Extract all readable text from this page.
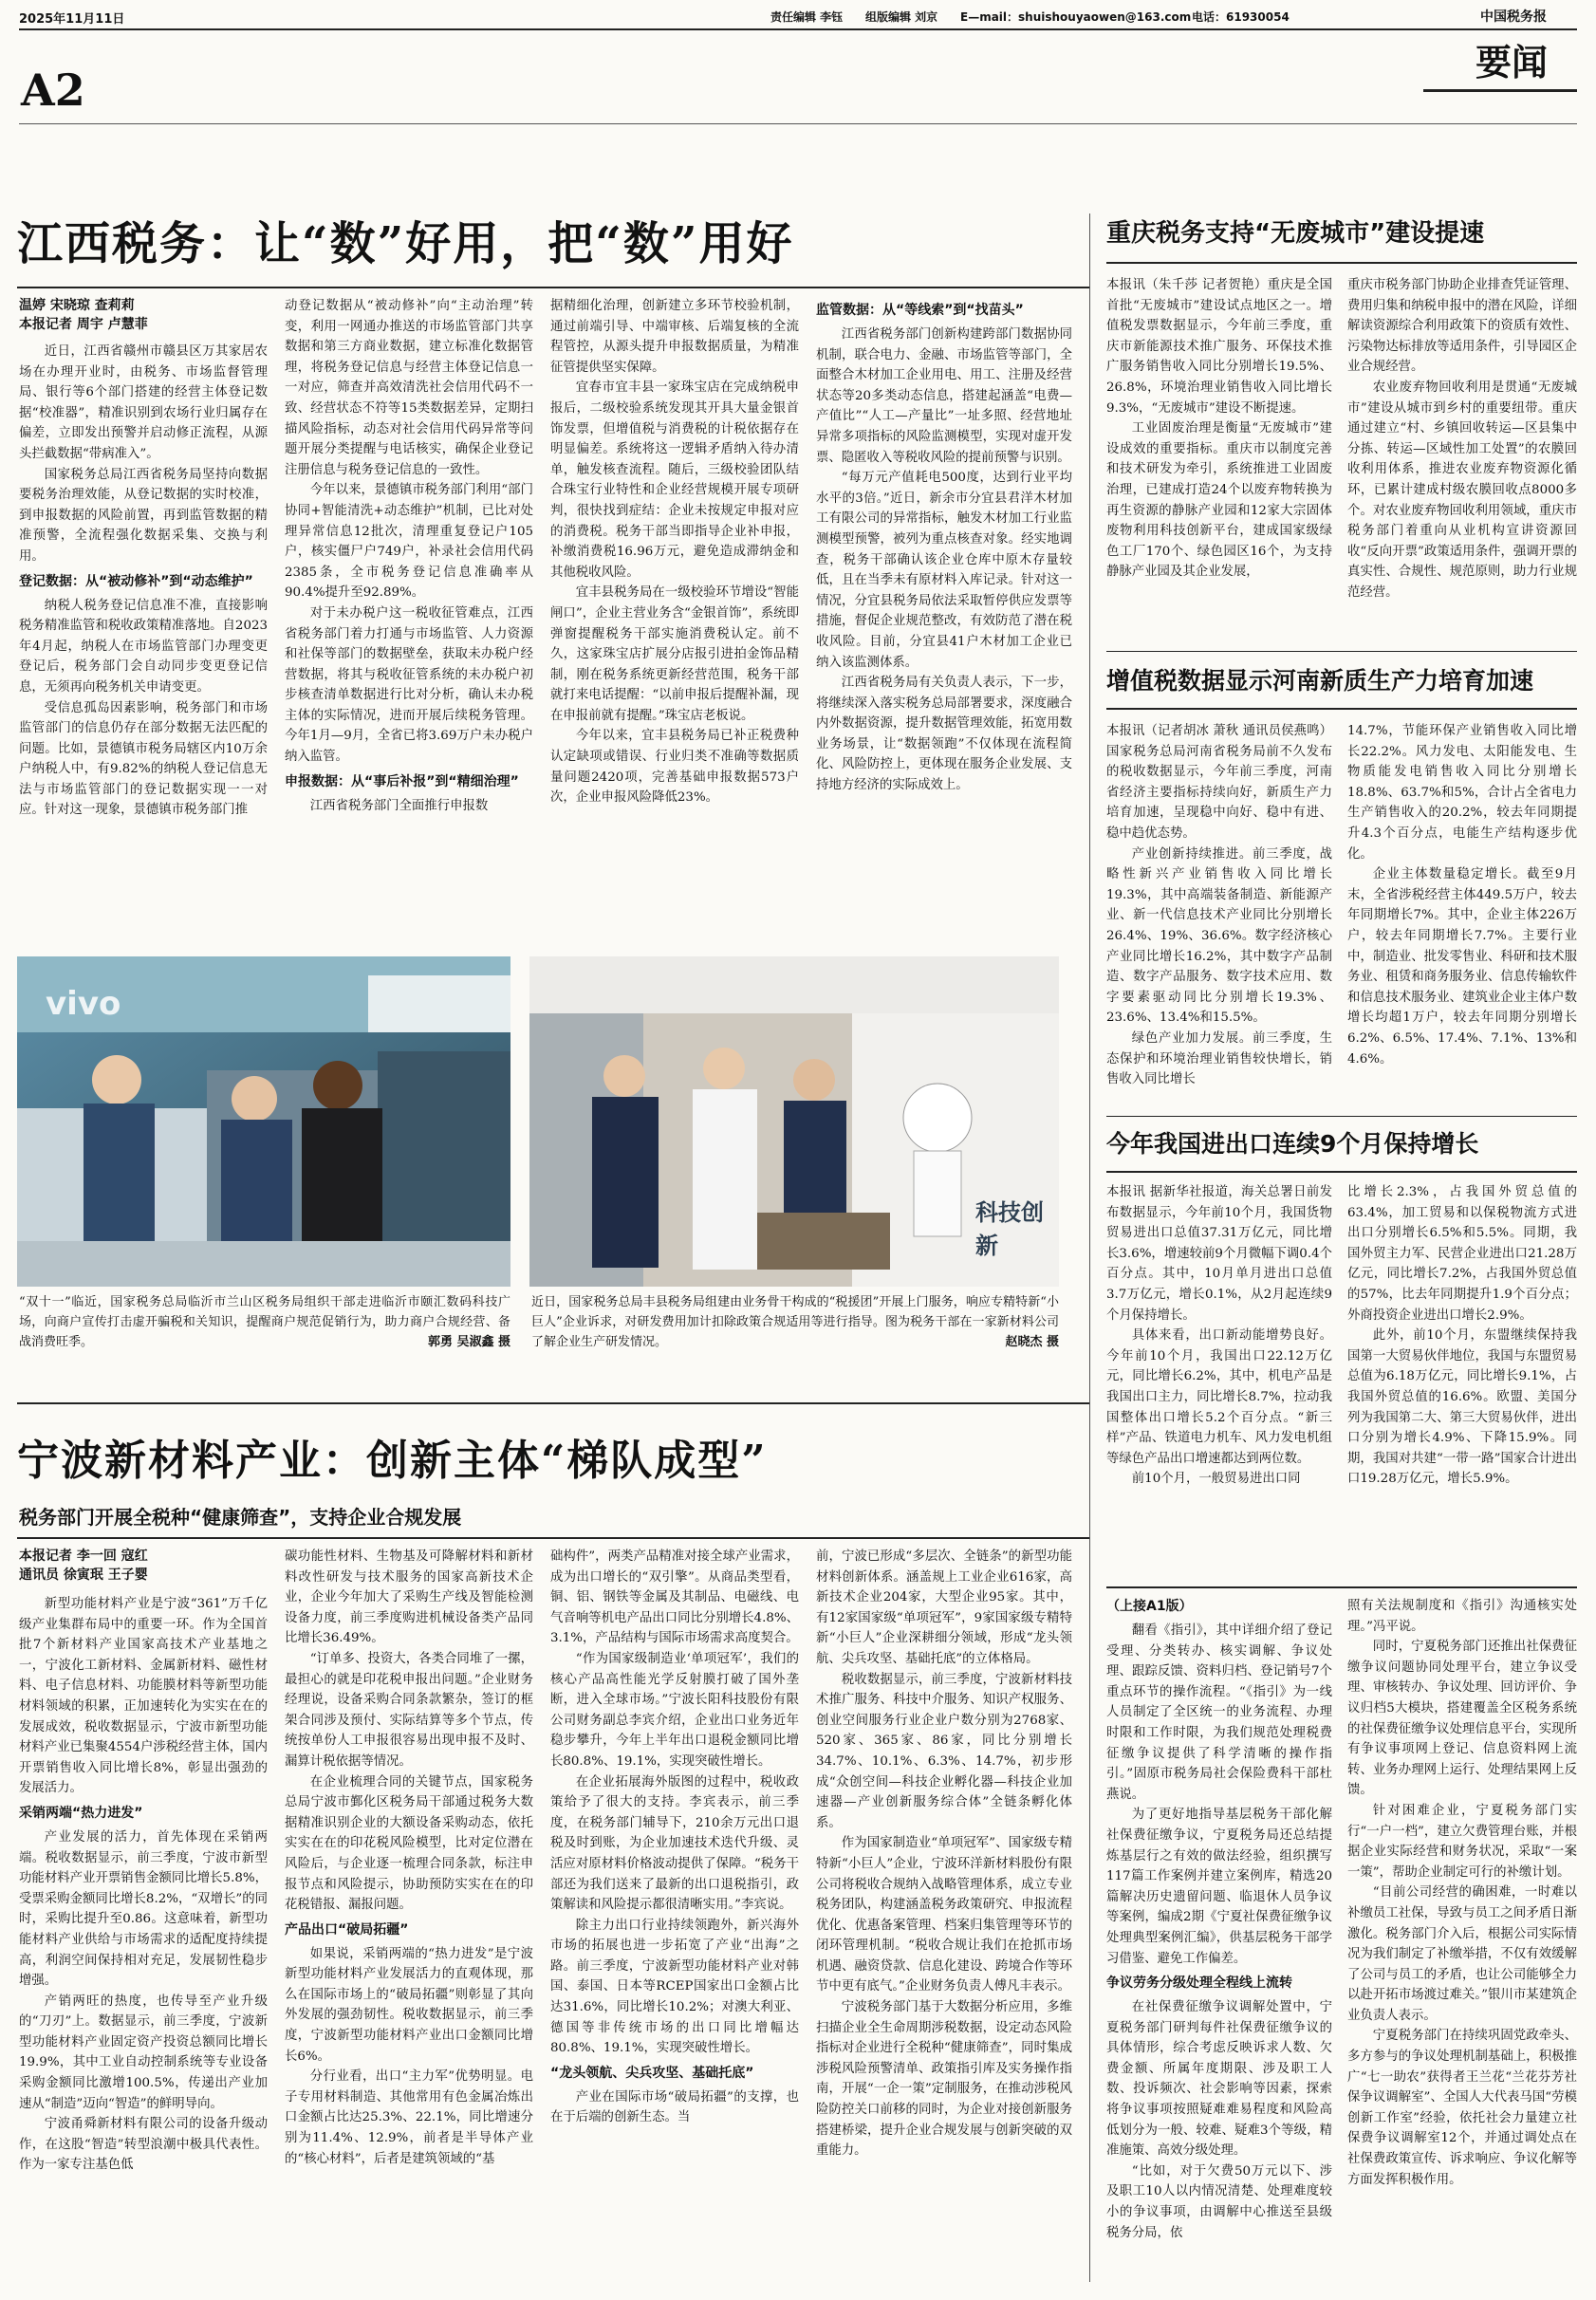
2025年11月11日	责任编辑 李钰 组版编辑 刘京 E—mail：shuishouyaowen@163.com 电话：61930054	中国税务报
A2
要闻
江西税务：让“数”好用，把“数”用好
温婷 宋晓琼 查莉莉
本报记者 周宇 卢慧菲

近日，江西省赣州市赣县区万其家居农场在办理开业时，由税务、市场监督管理局、银行等6个部门搭建的经营主体登记数据“校准器”，精准识别到农场行业归属存在偏差，立即发出预警并启动修正流程，从源头拦截数据“带病准入”。

国家税务总局江西省税务局坚持向数据要税务治理效能，从登记数据的实时校准，到申报数据的风险前置，再到监管数据的精准预警，全流程强化数据采集、交换与利用。

登记数据：从“被动修补”到“动态维护”

纳税人税务登记信息准不准，直接影响税务精准监管和税收政策精准落地。自2023年4月起，纳税人在市场监管部门办理变更登记后，税务部门会自动同步变更登记信息，无须再向税务机关申请变更。

受信息孤岛因素影响，税务部门和市场监管部门的信息仍存在部分数据无法匹配的问题。比如，景德镇市税务局辖区内10万余户纳税人中，有9.82%的纳税人登记信息无法与市场监管部门的登记数据实现一一对应。针对这一现象，景德镇市税务部门推

动登记数据从“被动修补”向“主动治理”转变，利用一网通办推送的市场监管部门共享数据和第三方商业数据，建立标准化数据管理，将税务登记信息与经营主体登记信息一一对应，筛查并高效清洗社会信用代码不一致、经营状态不符等15类数据差异，定期扫描风险指标，动态对社会信用代码异常等问题开展分类提醒与电话核实，确保企业登记注册信息与税务登记信息的一致性。

今年以来，景德镇市税务部门利用“部门协同+智能清洗+动态维护”机制，已比对处理异常信息12批次，清理重复登记户105户，核实僵尸户749户，补录社会信用代码2385条，全市税务登记信息准确率从90.4%提升至92.89%。

对于未办税户这一税收征管难点，江西省税务部门着力打通与市场监管、人力资源和社保等部门的数据壁垒，获取未办税户经营数据，将其与税收征管系统的未办税户初步核查清单数据进行比对分析，确认未办税主体的实际情况，进而开展后续税务管理。今年1月—9月，全省已将3.69万户未办税户纳入监管。

申报数据：从“事后补报”到“精细治理”

江西省税务部门全面推行申报数

据精细化治理，创新建立多环节校验机制，通过前端引导、中端审核、后端复核的全流程管控，从源头提升申报数据质量，为精准征管提供坚实保障。

宜春市宜丰县一家珠宝店在完成纳税申报后，二级校验系统发现其开具大量金银首饰发票，但增值税与消费税的计税依据存在明显偏差。系统将这一逻辑矛盾纳入待办清单，触发核查流程。随后，三级校验团队结合珠宝行业特性和企业经营规模开展专项研判，很快找到症结：企业未按规定申报对应的消费税。税务干部当即指导企业补申报，补缴消费税16.96万元，避免造成滞纳金和其他税收风险。

宜丰县税务局在一级校验环节增设“智能闸口”，企业主营业务含“金银首饰”，系统即弹窗提醒税务干部实施消费税认定。前不久，这家珠宝店扩展分店报引进拍金饰品精制，刚在税务系统更新经营范围，税务干部就打来电话提醒：“以前申报后提醒补漏，现在申报前就有提醒。”珠宝店老板说。

今年以来，宜丰县税务局已补正税费种认定缺项或错误、行业归类不准确等数据质量问题2420项，完善基础申报数据573户次，企业申报风险降低23%。

监管数据：从“等线索”到“找苗头”

江西省税务部门创新构建跨部门数据协同机制，联合电力、金融、市场监管等部门，全面整合木材加工企业用电、用工、注册及经营状态等20多类动态信息，搭建起涵盖“电费—产值比”“人工—产量比”一址多照、经营地址异常多项指标的风险监测模型，实现对虚开发票、隐匿收入等税收风险的提前预警与识别。

“每万元产值耗电500度，达到行业平均水平的3倍。”近日，新余市分宜县君洋木材加工有限公司的异常指标，触发木材加工行业监测模型预警，被列为重点核查对象。经实地调查，税务干部确认该企业仓库中原木存量较低，且在当季未有原材料入库记录。针对这一情况，分宜县税务局依法采取暂停供应发票等措施，督促企业规范整改，有效防范了潜在税收风险。目前，分宜县41户木材加工企业已纳入该监测体系。

江西省税务局有关负责人表示，下一步，将继续深入落实税务总局部署要求，深度融合内外数据资源，提升数据管理效能，拓宽用数业务场景，让“数据领跑”不仅体现在流程简化、风险防控上，更体现在服务企业发展、支持地方经济的实际成效上。

vivo
科技创新
“双十一”临近，国家税务总局临沂市兰山区税务局组织干部走进临沂市颐汇数码科技广场，向商户宣传打击虚开骗税和关知识，提醒商户规范促销行为，助力商户合规经营、备战消费旺季。	郭勇 吴淑鑫 摄
近日，国家税务总局丰县税务局组建由业务骨干构成的“税援团”开展上门服务，响应专精特新“小巨人”企业诉求，对研发费用加计扣除政策合规适用等进行指导。图为税务干部在一家新材料公司了解企业生产研发情况。	赵晓杰 摄
宁波新材料产业：创新主体“梯队成型”
税务部门开展全税种“健康筛查”，支持企业合规发展
本报记者 李一回 寇红
通讯员 徐寅珉 王子婴

新型功能材料产业是宁波“361”万千亿级产业集群布局中的重要一环。作为全国首批7个新材料产业国家高技术产业基地之一，宁波化工新材料、金属新材料、磁性材料、电子信息材料、功能膜材料等新型功能材料领域的积累，正加速转化为实实在在的发展成效，税收数据显示，宁波市新型功能材料产业已集聚4554户涉税经营主体，国内开票销售收入同比增长8%，彰显出强劲的发展活力。

采销两端“热力进发”

产业发展的活力，首先体现在采销两端。税收数据显示，前三季度，宁波市新型功能材料产业开票销售金额同比增长5.8%，受票采购金额同比增长8.2%，“双增长”的同时，采购比提升至0.86。这意味着，新型功能材料产业供给与市场需求的适配度持续提高，利润空间保持相对充足，发展韧性稳步增强。

产销两旺的热度，也传导至产业升级的“刀刃”上。数据显示，前三季度，宁波新型功能材料产业固定资产投资总额同比增长19.9%，其中工业自动控制系统等专业设备采购金额同比激增100.5%，传递出产业加速从“制造”迈向“智造”的鲜明导向。

宁波甬舜新材料有限公司的设备升级动作，在这股“智造”转型浪潮中极具代表性。作为一家专注基色低

碳功能性材料、生物基及可降解材料和新材料改性研发与技术服务的国家高新技术企业，企业今年加大了采购生产线及智能检测设备力度，前三季度购进机械设备类产品同比增长36.49%。

“订单多、投资大，各类合同堆了一摞，最担心的就是印花税申报出问题。”企业财务经理说，设备采购合同条款繁杂，签订的框架合同涉及预付、实际结算等多个节点，传统按单份人工申报很容易出现申报不及时、漏算计税依据等情况。

在企业梳理合同的关键节点，国家税务总局宁波市鄞化区税务局干部通过税务大数据精准识别企业的大额设备采购动态，依托实实在在的印花税风险模型，比对定位潜在风险后，与企业逐一梳理合同条款，标注申报节点和风险提示，协助预防实实在在的印花税错报、漏报问题。

产品出口“破局拓疆”

如果说，采销两端的“热力进发”是宁波新型功能材料产业发展活力的直观体现，那么在国际市场上的“破局拓疆”则彰显了其向外发展的强劲韧性。税收数据显示，前三季度，宁波新型功能材料产业出口金额同比增长6%。

分行业看，出口“主力军”优势明显。电子专用材料制造、其他常用有色金属冶炼出口金额占比达25.3%、22.1%，同比增速分别为11.4%、12.9%，前者是半导体产业的“核心材料”，后者是建筑领域的“基

础构件”，两类产品精准对接全球产业需求，成为出口增长的“双引擎”。从商品类型看，铜、铝、钢铁等金属及其制品、电磁线、电气音响等机电产品出口同比分别增长4.8%、3.1%，产品结构与国际市场需求高度契合。

“作为国家级制造业‘单项冠军’，我们的核心产品高性能光学反射膜打破了国外垄断，进入全球市场。”宁波长阳科技股份有限公司财务副总李宾介绍，企业出口业务近年稳步攀升，今年上半年出口退税金额同比增长80.8%、19.1%，实现突破性增长。

在企业拓展海外版图的过程中，税收政策给予了很大的支持。李宾表示，前三季度，在税务部门辅导下，210余万元出口退税及时到账，为企业加速技术迭代升级、灵活应对原材料价格波动提供了保障。“税务干部还为我们送来了最新的出口退税指引，政策解读和风险提示都很清晰实用。”李宾说。

除主力出口行业持续领跑外，新兴海外市场的拓展也进一步拓宽了产业“出海”之路。前三季度，宁波新型功能材料产业对韩国、泰国、日本等RCEP国家出口金额占比达31.6%，同比增长10.2%；对澳大利亚、德国等非传统市场的出口同比增幅达80.8%、19.1%，实现突破性增长。

“龙头领航、尖兵攻坚、基础托底”

产业在国际市场“破局拓疆”的支撑，也在于后端的创新生态。当

前，宁波已形成“多层次、全链条”的新型功能材料创新体系。涵盖规上工业企业616家，高新技术企业204家，大型企业95家。其中，有12家国家级“单项冠军”，9家国家级专精特新“小巨人”企业深耕细分领域，形成“龙头领航、尖兵攻坚、基础托底”的立体格局。

税收数据显示，前三季度，宁波新材料技术推广服务、科技中介服务、知识产权服务、创业空间服务行业企业户数分别为2768家、520家、365家、86家，同比分别增长34.7%、10.1%、6.3%、14.7%，初步形成“众创空间—科技企业孵化器—科技企业加速器—产业创新服务综合体”全链条孵化体系。

作为国家制造业“单项冠军”、国家级专精特新“小巨人”企业，宁波环洋新材料股份有限公司将税收合规纳入战略管理体系，成立专业税务团队，构建涵盖税务政策研究、申报流程优化、优惠备案管理、档案归集管理等环节的闭环管理机制。“税收合规让我们在抢抓市场机遇、融资贷款、信息化建设、跨境合作等环节中更有底气。”企业财务负责人傅凡丰表示。

宁波税务部门基于大数据分析应用，多维扫描企业全生命周期涉税数据，设定动态风险指标对企业进行全税种“健康筛查”，同时集成涉税风险预警清单、政策指引库及实务操作指南，开展“一企一策”定制服务，在推动涉税风险防控关口前移的同时，为企业对接创新服务搭建桥梁，提升企业合规发展与创新突破的双重能力。

重庆税务支持“无废城市”建设提速

本报讯（朱千莎 记者贺艳）重庆是全国首批“无废城市”建设试点地区之一。增值税发票数据显示，今年前三季度，重庆市新能源技术推广服务、环保技术推广服务销售收入同比分别增长19.5%、26.8%，环境治理业销售收入同比增长9.3%，“无废城市”建设不断提速。

工业固废治理是衡量“无废城市”建设成效的重要指标。重庆市以制度完善和技术研发为牵引，系统推进工业固废治理，已建成打造24个以废弃物转换为再生资源的静脉产业园和12家大宗固体废物利用科技创新平台，建成国家级绿色工厂170个、绿色园区16个，为支持静脉产业园及其企业发展，

重庆市税务部门协助企业排查凭证管理、费用归集和纳税申报中的潜在风险，详细解读资源综合利用政策下的资质有效性、污染物达标排放等适用条件，引导园区企业合规经营。

农业废弃物回收利用是贯通“无废城市”建设从城市到乡村的重要纽带。重庆通过建立“村、乡镇回收转运—区县集中分拣、转运—区域性加工处置”的农膜回收利用体系，推进农业废弃物资源化循环，已累计建成村级农膜回收点8000多个。对农业废弃物回收利用领域，重庆市税务部门着重向从业机构宣讲资源回收“反向开票”政策适用条件，强调开票的真实性、合规性、规范原则，助力行业规范经营。

增值税数据显示河南新质生产力培育加速

本报讯（记者胡冰 萧秋 通讯员侯燕鸣）国家税务总局河南省税务局前不久发布的税收数据显示，今年前三季度，河南省经济主要指标持续向好，新质生产力培育加速，呈现稳中向好、稳中有进、稳中趋优态势。

产业创新持续推进。前三季度，战略性新兴产业销售收入同比增长19.3%，其中高端装备制造、新能源产业、新一代信息技术产业同比分别增长26.4%、19%、36.6%。数字经济核心产业同比增长16.2%，其中数字产品制造、数字产品服务、数字技术应用、数字要素驱动同比分别增长19.3%、23.6%、13.4%和15.5%。

绿色产业加力发展。前三季度，生态保护和环境治理业销售较快增长，销售收入同比增长

14.7%，节能环保产业销售收入同比增长22.2%。风力发电、太阳能发电、生物质能发电销售收入同比分别增长18.8%、63.7%和5%，合计占全省电力生产销售收入的20.2%，较去年同期提升4.3个百分点，电能生产结构逐步优化。

企业主体数量稳定增长。截至9月末，全省涉税经营主体449.5万户，较去年同期增长7%。其中，企业主体226万户，较去年同期增长7.7%。主要行业中，制造业、批发零售业、科研和技术服务业、租赁和商务服务业、信息传输软件和信息技术服务业、建筑业企业主体户数增长均超1万户，较去年同期分别增长6.2%、6.5%、17.4%、7.1%、13%和4.6%。

今年我国进出口连续9个月保持增长

本报讯 据新华社报道，海关总署日前发布数据显示，今年前10个月，我国货物贸易进出口总值37.31万亿元，同比增长3.6%，增速较前9个月微幅下调0.4个百分点。其中，10月单月进出口总值3.7万亿元，增长0.1%，从2月起连续9个月保持增长。

具体来看，出口新动能增势良好。今年前10个月，我国出口22.12万亿元，同比增长6.2%，其中，机电产品是我国出口主力，同比增长8.7%，拉动我国整体出口增长5.2个百分点。“新三样”产品、铁道电力机车、风力发电机组等绿色产品出口增速都达到两位数。

前10个月，一般贸易进出口同

比增长2.3%，占我国外贸总值的63.4%，加工贸易和以保税物流方式进出口分别增长6.5%和5.5%。同期，我国外贸主力军、民营企业进出口21.28万亿元，同比增长7.2%，占我国外贸总值的57%，比去年同期提升1.9个百分点；外商投资企业进出口增长2.9%。

此外，前10个月，东盟继续保持我国第一大贸易伙伴地位，我国与东盟贸易总值为6.18万亿元，同比增长9.1%，占我国外贸总值的16.6%。欧盟、美国分列为我国第二大、第三大贸易伙伴，进出口分别为增长4.9%、下降15.9%。同期，我国对共建“一带一路”国家合计进出口19.28万亿元，增长5.9%。

（上接A1版）

翻看《指引》，其中详细介绍了登记受理、分类转办、核实调解、争议处理、跟踪反馈、资料归档、登记销号7个重点环节的操作流程。“《指引》为一线人员制定了全区统一的业务流程、办理时限和工作时限，为我们规范处理税费征缴争议提供了科学清晰的操作指引。”固原市税务局社会保险费科干部杜燕说。

为了更好地指导基层税务干部化解社保费征缴争议，宁夏税务局还总结提炼基层行之有效的做法经验，组织撰写117篇工作案例并建立案例库，精选20篇解决历史遗留问题、临退休人员争议等案例，编成2期《宁夏社保费征缴争议处理典型案例汇编》，供基层税务干部学习借鉴、避免工作偏差。

争议劳务分级处理全程线上流转

在社保费征缴争议调解处置中，宁夏税务部门研判每件社保费征缴争议的具体情形，综合考虑反映诉求人数、欠费金额、所属年度期限、涉及职工人数、投诉频次、社会影响等因素，探索将争议事项按照疑难难易程度和风险高低划分为一般、较难、疑难3个等级，精准施策、高效分级处理。

“比如，对于欠费50万元以下、涉及职工10人以内情况清楚、处理难度较小的争议事项，由调解中心推送至县级税务分局，依

照有关法规制度和《指引》沟通核实处理。”冯平说。

同时，宁夏税务部门还推出社保费征缴争议问题协同处理平台，建立争议受理、审核转办、争议处理、回访评价、争议归档5大模块，搭建覆盖全区税务系统的社保费征缴争议处理信息平台，实现所有争议事项网上登记、信息资料网上流转、业务办理网上运行、处理结果网上反馈。

针对困难企业，宁夏税务部门实行“一户一档”，建立欠费管理台账，并根据企业实际经营和财务状况，采取“一案一策”，帮助企业制定可行的补缴计划。

“目前公司经营的确困难，一时难以补缴员工社保，导致与员工之间矛盾日渐激化。税务部门介入后，根据公司实际情况为我们制定了补缴举措，不仅有效缓解了公司与员工的矛盾，也让公司能够全力以赴开拓市场渡过难关。”银川市某建筑企业负责人表示。

宁夏税务部门在持续巩固党政牵头、多方参与的争议处理机制基础上，积极推广“七一助农”获得者王兰花“兰花芬芳社保争议调解室”、全国人大代表马国“劳模创新工作室”经验，依托社会力量建立社保费争议调解室12个，并通过调处点在社保费政策宣传、诉求响应、争议化解等方面发挥积极作用。
